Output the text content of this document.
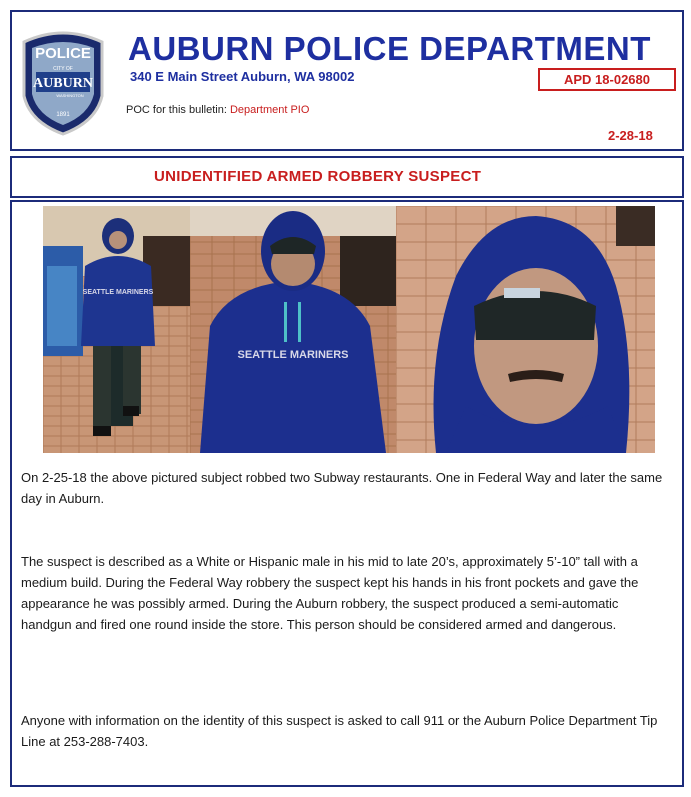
POLICE
CITY OF
AUBURN
WASHINGTON
1891
AUBURN POLICE DEPARTMENT
340 E Main Street Auburn, WA 98002
POC for this bulletin: Department PIO
APD 18-02680
2-28-18
UNIDENTIFIED ARMED ROBBERY SUSPECT
SEATTLE MARINERS
SEATTLE MARINERS
On 2-25-18 the above pictured subject robbed two Subway restaurants. One in Federal Way and later the same day in Auburn.
The suspect is described as a White or Hispanic male in his mid to late 20’s, approximately 5’-10” tall with a medium build. During the Federal Way robbery the suspect kept his hands in his front pockets and gave the appearance he was possibly armed. During the Auburn robbery, the suspect produced a semi-automatic handgun and fired one round inside the store. This person should be considered armed and dangerous.
Anyone with information on the identity of this suspect is asked to call 911 or the Auburn Police Department Tip Line at 253-288-7403.
